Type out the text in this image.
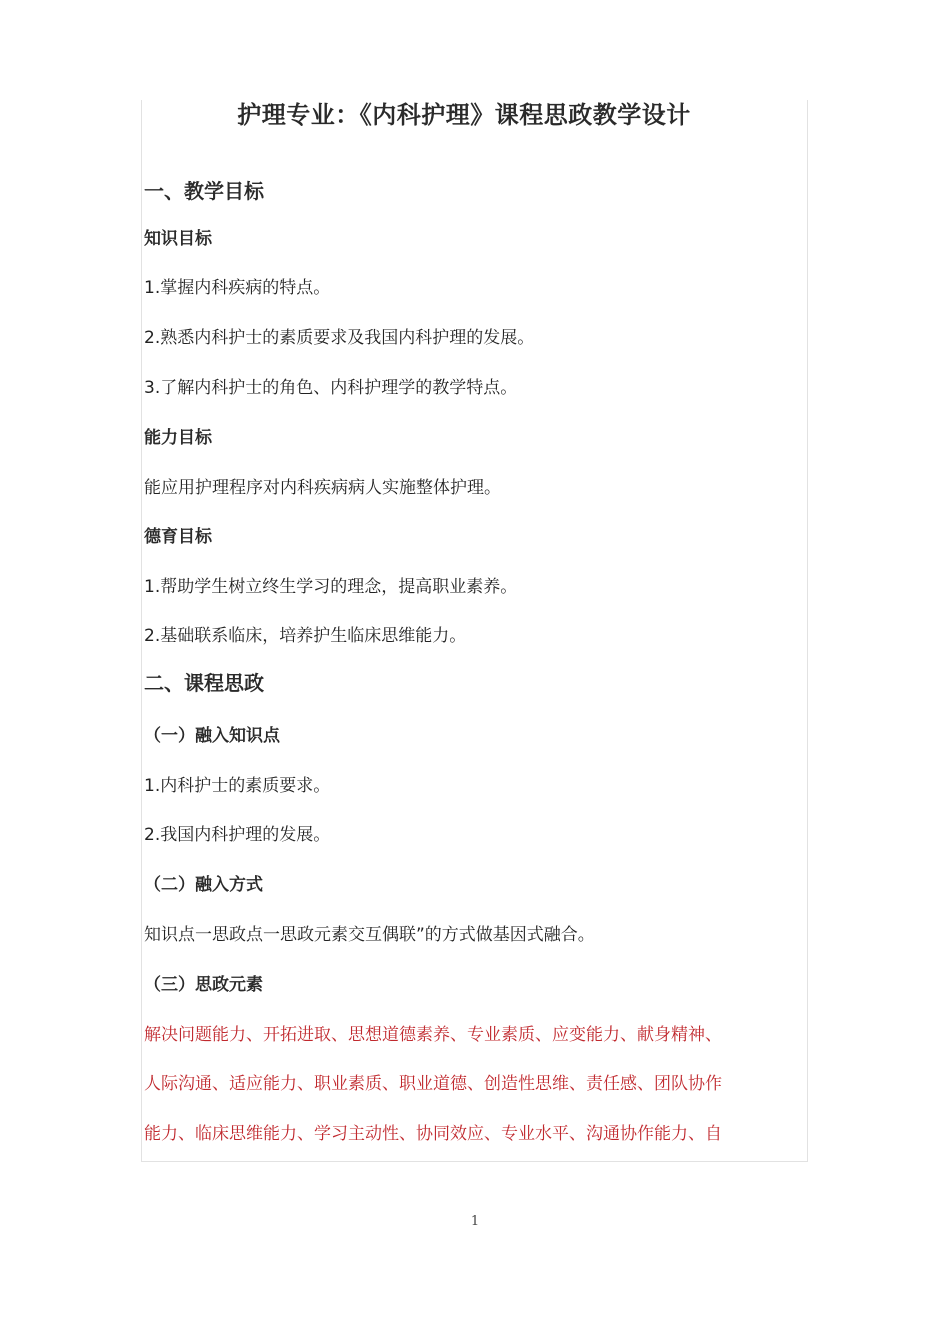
护理专业：《内科护理》课程思政教学设计
一、教学目标
知识目标
1.掌握内科疾病的特点。
2.熟悉内科护士的素质要求及我国内科护理的发展。
3.了解内科护士的角色、内科护理学的教学特点。
能力目标
能应用护理程序对内科疾病病人实施整体护理。
德育目标
1.帮助学生树立终生学习的理念，提高职业素养。
2.基础联系临床，培养护生临床思维能力。
二、课程思政
（一）融入知识点
1.内科护士的素质要求。
2.我国内科护理的发展。
（二）融入方式
知识点一思政点一思政元素交互偶联”的方式做基因式融合。
（三）思政元素
解决问题能力、开拓进取、思想道德素养、专业素质、应变能力、献身精神、
人际沟通、适应能力、职业素质、职业道德、创造性思维、责任感、团队协作
能力、临床思维能力、学习主动性、协同效应、专业水平、沟通协作能力、自
1
